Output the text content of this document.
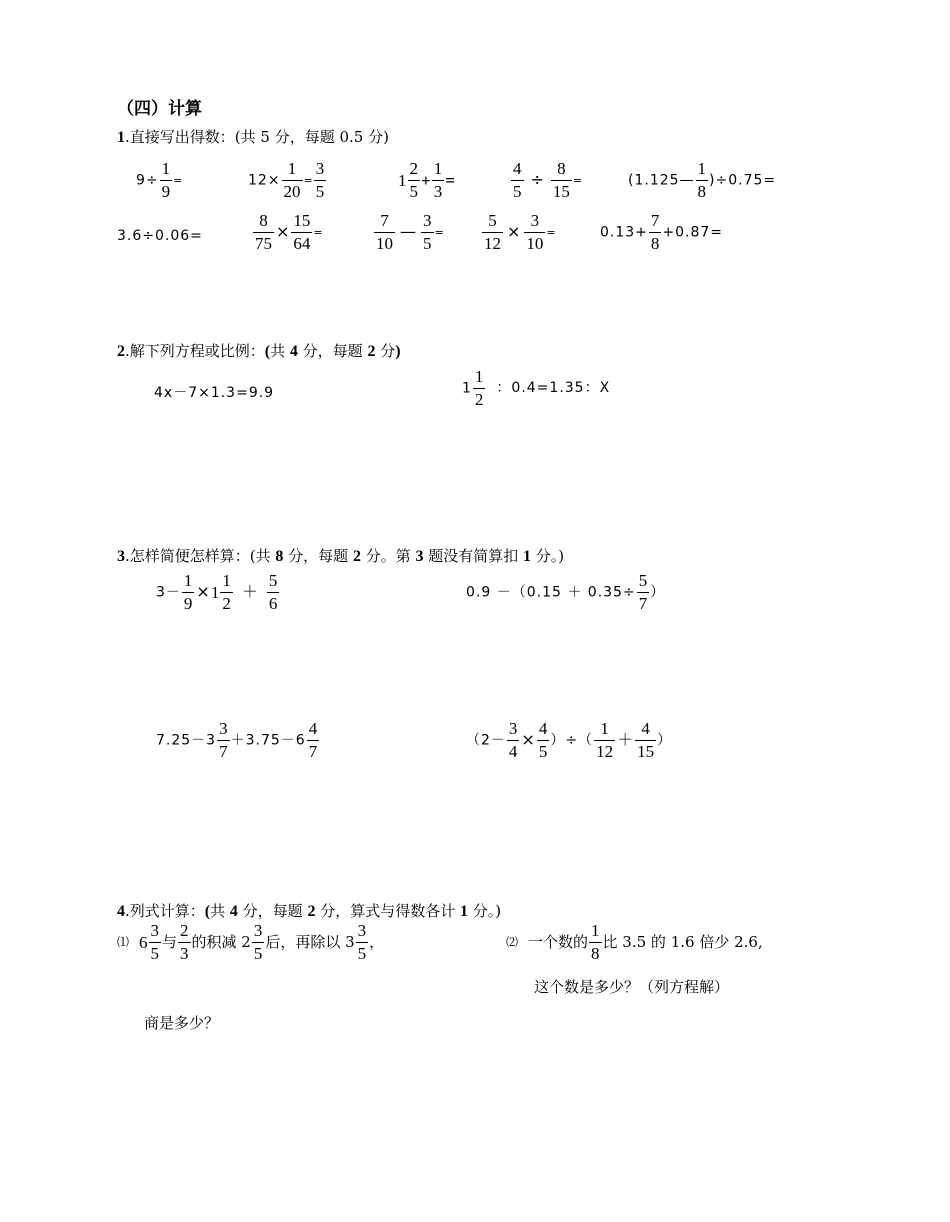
（四）计算
1.直接写出得数：(共 5 分，每题 0.5 分)
$9\div \frac{1}{9}$ =	$12\times \frac{1}{20} = \frac{3}{5}$	$1 \frac{2}{5} + \frac{1}{3}$ =	$\frac{4}{5} \div \frac{8}{15}$ =	(1.125— $\frac{1}{8} )\div 0.75=$
3.6÷0.06=	$\frac{8}{75} \times \frac{15}{64}$ =	$\frac{7}{10}$ — $\frac{3}{5} = \frac{5}{12} \times \frac{3}{10}$ =	$0.13+ \frac{7}{8} +0.87=$
2.解下列方程或比例：(共 4 分，每题 2 分)
4x－7×1.3=9.9	$1 \frac{1}{2}$ ：0.4=1.35：X
3.怎样简便怎样算：(共 8 分，每题 2 分。第 3 题没有简算扣 1 分。)
$3- \frac{1}{9} \times 1 \frac{1}{2} + \frac{5}{6}$	$0.9 -(0.15 + 0.35\div \frac{5}{7}$ ）
$7.25-3 \frac{3}{7} +3.75-6 \frac{4}{7}$	（$2- \frac{3}{4} \times \frac{4}{5}$ ）÷（ $\frac{1}{12} + \frac{4}{15}$ ）
4.列式计算：(共 4 分，每题 2 分，算式与得数各计 1 分。)
⑴ $6 \frac{3}{5}$ 与 $\frac{2}{3}$ 的积减 $2 \frac{3}{5}$ 后，再除以 $3 \frac{3}{5}$ ，
商是多少？
⑵ 一个数的 $\frac{1}{8}$ 比 3.5 的 1.6 倍少 2.6,
这个数是多少？（列方程解）
